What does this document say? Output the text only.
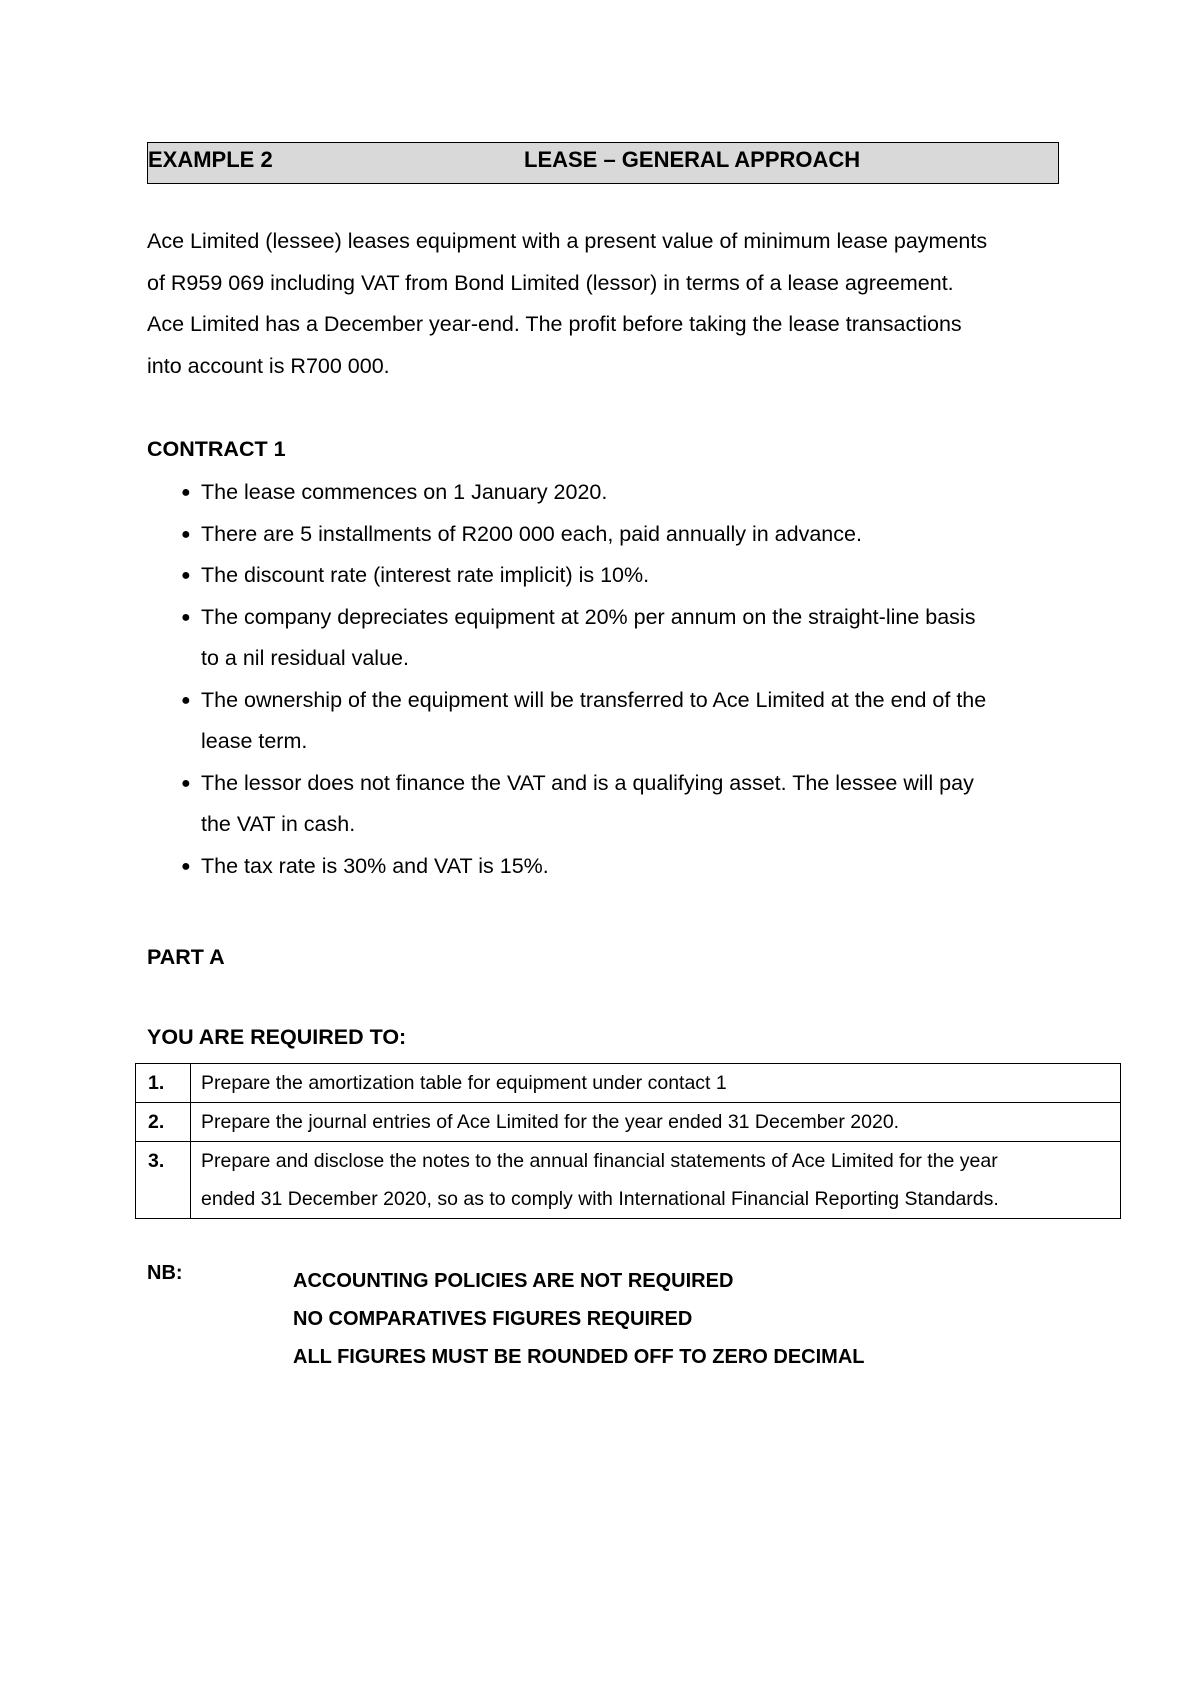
EXAMPLE 2	LEASE – GENERAL APPROACH

Ace Limited (lessee) leases equipment with a present value of minimum lease payments

of R959 069 including VAT from Bond Limited (lessor) in terms of a lease agreement.

Ace Limited has a December year-end. The profit before taking the lease transactions

into account is R700 000.

CONTRACT 1
● The lease commences on 1 January 2020.
● There are 5 installments of R200 000 each, paid annually in advance.
● The discount rate (interest rate implicit) is 10%.
● The company depreciates equipment at 20% per annum on the straight-line basis
to a nil residual value.
● The ownership of the equipment will be transferred to Ace Limited at the end of the
lease term.
● The lessor does not finance the VAT and is a qualifying asset. The lessee will pay
the VAT in cash.
● The tax rate is 30% and VAT is 15%.
PART A
YOU ARE REQUIRED TO:
1.	Prepare the amortization table for equipment under contact 1

2.	Prepare the journal entries of Ace Limited for the year ended 31 December 2020.

3.	Prepare and disclose the notes to the annual financial statements of Ace Limited for the year
ended 31 December 2020, so as to comply with International Financial Reporting Standards.
NB:	ACCOUNTING POLICIES ARE NOT REQUIRED
NO COMPARATIVES FIGURES REQUIRED
ALL FIGURES MUST BE ROUNDED OFF TO ZERO DECIMAL
